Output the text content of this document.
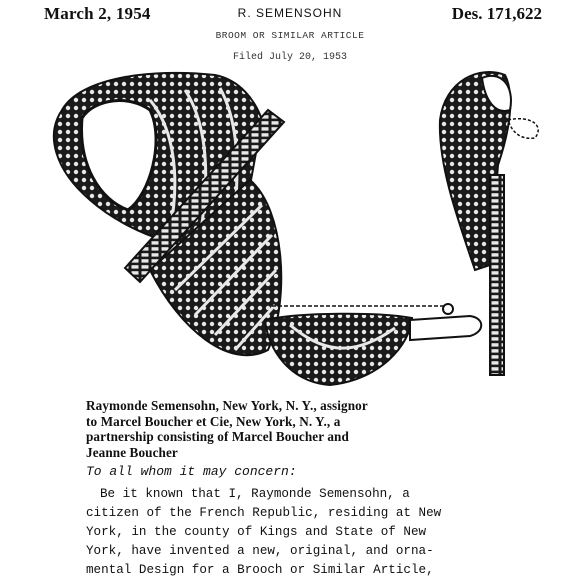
March 2, 1954	R. SEMENSOHN	Des. 171,622
BROOM OR SIMILAR ARTICLE
Filed July 20, 1953
Raymonde Semensohn, New York, N. Y., assignor
to Marcel Boucher et Cie, New York, N. Y., a
partnership consisting of Marcel Boucher and
Jeanne Boucher
To all whom it may concern:
Be it known that I, Raymonde Semensohn, a
citizen of the French Republic, residing at New
York, in the county of Kings and State of New
York, have invented a new, original, and orna-
mental Design for a Brooch or Similar Article,
